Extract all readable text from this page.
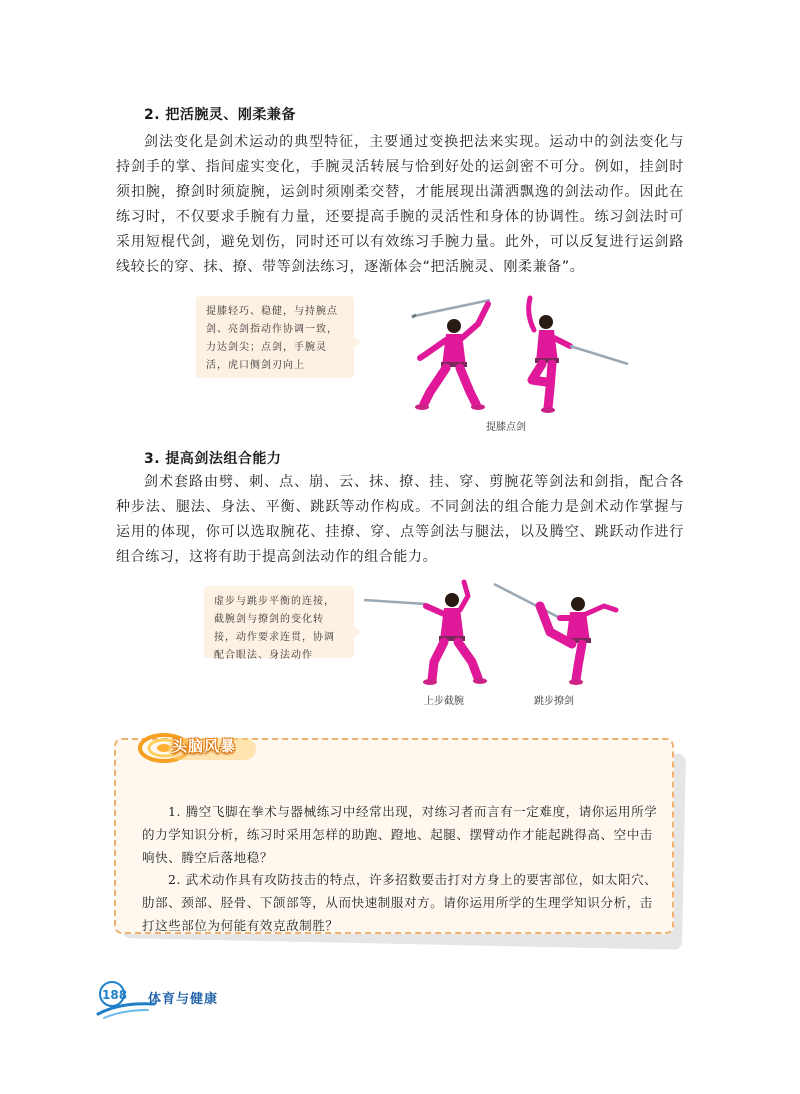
2. 把活腕灵、刚柔兼备

剑法变化是剑术运动的典型特征，主要通过变换把法来实现。运动中的剑法变化与持剑手的掌、指间虚实变化，手腕灵活转展与恰到好处的运剑密不可分。例如，挂剑时须扣腕，撩剑时须旋腕，运剑时须刚柔交替，才能展现出潇洒飘逸的剑法动作。因此在练习时，不仅要求手腕有力量，还要提高手腕的灵活性和身体的协调性。练习剑法时可采用短棍代剑，避免划伤，同时还可以有效练习手腕力量。此外，可以反复进行运剑路线较长的穿、抹、撩、带等剑法练习，逐渐体会“把活腕灵、刚柔兼备”。

提膝轻巧、稳健，与持腕点剑、亮剑指动作协调一致，力达剑尖；点剑，手腕灵活，虎口侧剑刃向上
提膝点剑
3. 提高剑法组合能力

剑术套路由劈、刺、点、崩、云、抹、撩、挂、穿、剪腕花等剑法和剑指，配合各种步法、腿法、身法、平衡、跳跃等动作构成。不同剑法的组合能力是剑术动作掌握与运用的体现，你可以选取腕花、挂撩、穿、点等剑法与腿法，以及腾空、跳跃动作进行组合练习，这将有助于提高剑法动作的组合能力。

虚步与跳步平衡的连接，截腕剑与撩剑的变化转接，动作要求连贯，协调配合眼法、身法动作
上步截腕	跳步撩剑
头脑风暴

1. 腾空飞脚在拳术与器械练习中经常出现，对练习者而言有一定难度，请你运用所学的力学知识分析，练习时采用怎样的助跑、蹬地、起腿、摆臂动作才能起跳得高、空中击响快、腾空后落地稳？

2. 武术动作具有攻防技击的特点，许多招数要击打对方身上的要害部位，如太阳穴、肋部、颈部、胫骨、下颌部等，从而快速制服对方。请你运用所学的生理学知识分析，击打这些部位为何能有效克敌制胜？

188 体育与健康
